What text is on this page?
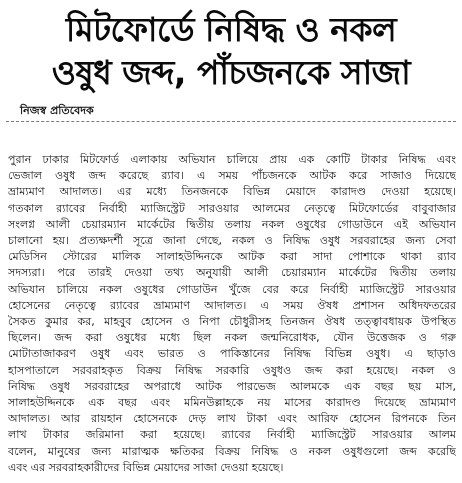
মিটফোর্ডে নিষিদ্ধ ও নকল
ওষুধ জব্দ, পাঁচজনকে সাজা
নিজস্ব প্রতিবেদক
পুরান ঢাকার মিটফোর্ড এলাকায় অভিযান চালিয়ে প্রায় এক কোটি টাকার নিষিদ্ধ এবং
ভেজাল ওষুধ জব্দ করেছে র‌্যাব। এ সময় পাঁচজনকে আটক করে সাজাও দিয়েছে
ভ্রাম্যমাণ আদালত। এর মধ্যে তিনজনকে বিভিন্ন মেয়াদে কারাদণ্ড দেওয়া হয়েছে।
গতকাল র‌্যাবের নির্বাহী ম্যাজিস্ট্রেট সারওয়ার আলমের নেতৃত্বে মিটফোর্ডের বাবুবাজার
সংলগ্ন আলী চেয়ারম্যান মার্কেটের দ্বিতীয় তলায় নকল ওষুধের গোডাউনে এই অভিযান
চালানো হয়। প্রত্যক্ষদর্শী সূত্রে জানা গেছে, নকল ও নিষিদ্ধ ওষুধ সরবরাহের জন্য সেবা
মেডিসিন স্টোরের মালিক সালাহউদ্দিনকে আটক করা সাদা পোশাকে থাকা র‌্যাব
সদস্যরা। পরে তারই দেওয়া তথ্য অনুযায়ী আলী চেয়ারম্যান মার্কেটের দ্বিতীয় তলায়
অভিযান চালিয়ে নকল ওষুধের গোডাউন খুঁজে বের করে নির্বাহী ম্যাজিস্ট্রেট সারওয়ার
হোসেনের নেতৃত্বে র‌্যাবের ভ্রাম্যমাণ আদালত। এ সময় ঔষধ প্রশাসন অধিদফতরের
সৈকত কুমার কর, মাহবুব হোসেন ও নিপা চৌধুরীসহ তিনজন ঔষধ তত্ত্বাবধায়ক উপস্থিত
ছিলেন। জব্দ করা ওষুধের মধ্যে ছিল নকল জন্মনিরোধক, যৌন উত্তেজক ও গরু
মোটাতাজাকরণ ওষুধ এবং ভারত ও পাকিস্তানের নিষিদ্ধ বিভিন্ন ওষুধ। এ ছাড়াও
হাসপাতালে সরবরাহকৃত বিক্রয় নিষিদ্ধ সরকারি ওষুধও জব্দ করা হয়েছে। নকল ও
নিষিদ্ধ ওষুধ সরবরাহের অপরাধে আটক পারভেজ আলমকে এক বছর ছয় মাস,
সালাহউদ্দিনকে এক বছর এবং মমিনউল্লাহকে নয় মাসের কারাদণ্ড দিয়েছে ভ্রাম্যমাণ
আদালত। আর রায়হান হোসেনকে দেড় লাখ টাকা এবং আরিফ হোসেন রিপনকে তিন
লাখ টাকার জরিমানা করা হয়েছে। র‌্যাবের নির্বাহী ম্যাজিস্ট্রেট সারওয়ার আলম
বলেন, মানুষের জন্য মারাত্মক ক্ষতিকর বিক্রয় নিষিদ্ধ ও নকল ওষুধগুলো জব্দ করেছি
এবং এর সরবরাহকারীদের বিভিন্ন মেয়াদের সাজা দেওয়া হয়েছে।
